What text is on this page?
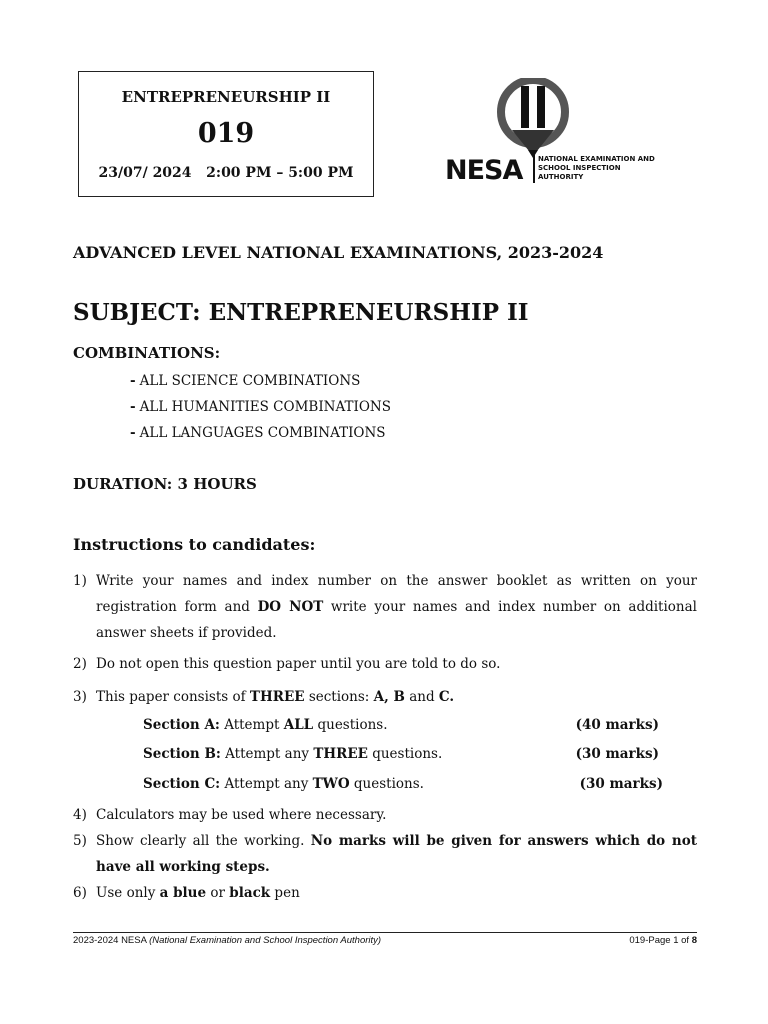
ENTREPRENEURSHIP II
019
23/07/ 2024 2:00 PM – 5:00 PM	NESA NATIONAL EXAMINATION AND
SCHOOL INSPECTION
AUTHORITY
ADVANCED LEVEL NATIONAL EXAMINATIONS, 2023-2024
SUBJECT: ENTREPRENEURSHIP II
COMBINATIONS:
- ALL SCIENCE COMBINATIONS
- ALL HUMANITIES COMBINATIONS
- ALL LANGUAGES COMBINATIONS
DURATION: 3 HOURS
Instructions to candidates:
1) Write your names and index number on the answer booklet as written on your registration form and DO NOT write your names and index number on additional answer sheets if provided.
2) Do not open this question paper until you are told to do so.
3) This paper consists of THREE sections: A, B and C.
Section A: Attempt ALL questions.	(40 marks)
Section B: Attempt any THREE questions.	(30 marks)
Section C: Attempt any TWO questions.	(30 marks)
4) Calculators may be used where necessary.
5) Show clearly all the working. No marks will be given for answers which do not have all working steps.
6) Use only a blue or black pen
2023-2024 NESA (National Examination and School Inspection Authority)	019-Page 1 of 8
